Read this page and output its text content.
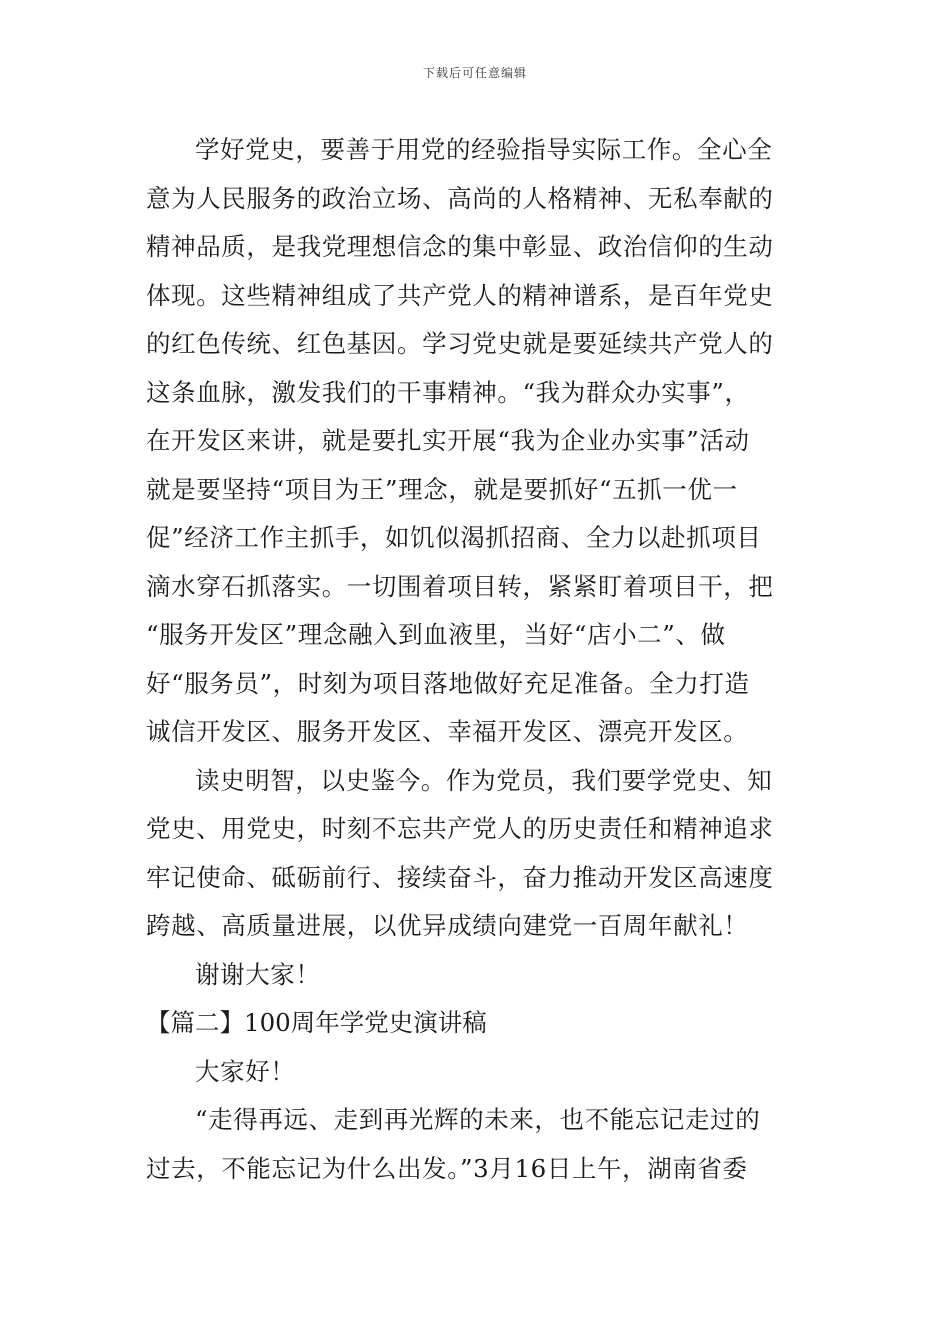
下载后可任意编辑
学好党史，要善于用党的经验指导实际工作。全心全
意为人民服务的政治立场、高尚的人格精神、无私奉献的
精神品质，是我党理想信念的集中彰显、政治信仰的生动
体现。这些精神组成了共产党人的精神谱系，是百年党史
的红色传统、红色基因。学习党史就是要延续共产党人的
这条血脉，激发我们的干事精神。“我为群众办实事”，
在开发区来讲，就是要扎实开展“我为企业办实事”活动
就是要坚持“项目为王”理念，就是要抓好“五抓一优一
促”经济工作主抓手，如饥似渴抓招商、全力以赴抓项目
滴水穿石抓落实。一切围着项目转，紧紧盯着项目干，把
“服务开发区”理念融入到血液里，当好“店小二”、做
好“服务员”，时刻为项目落地做好充足准备。全力打造
诚信开发区、服务开发区、幸福开发区、漂亮开发区。
读史明智，以史鉴今。作为党员，我们要学党史、知
党史、用党史，时刻不忘共产党人的历史责任和精神追求
牢记使命、砥砺前行、接续奋斗，奋力推动开发区高速度
跨越、高质量进展，以优异成绩向建党一百周年献礼！
谢谢大家！
【篇二】100周年学党史演讲稿
大家好！
“走得再远、走到再光辉的未来，也不能忘记走过的
过去，不能忘记为什么出发。”3月16日上午，湖南省委
